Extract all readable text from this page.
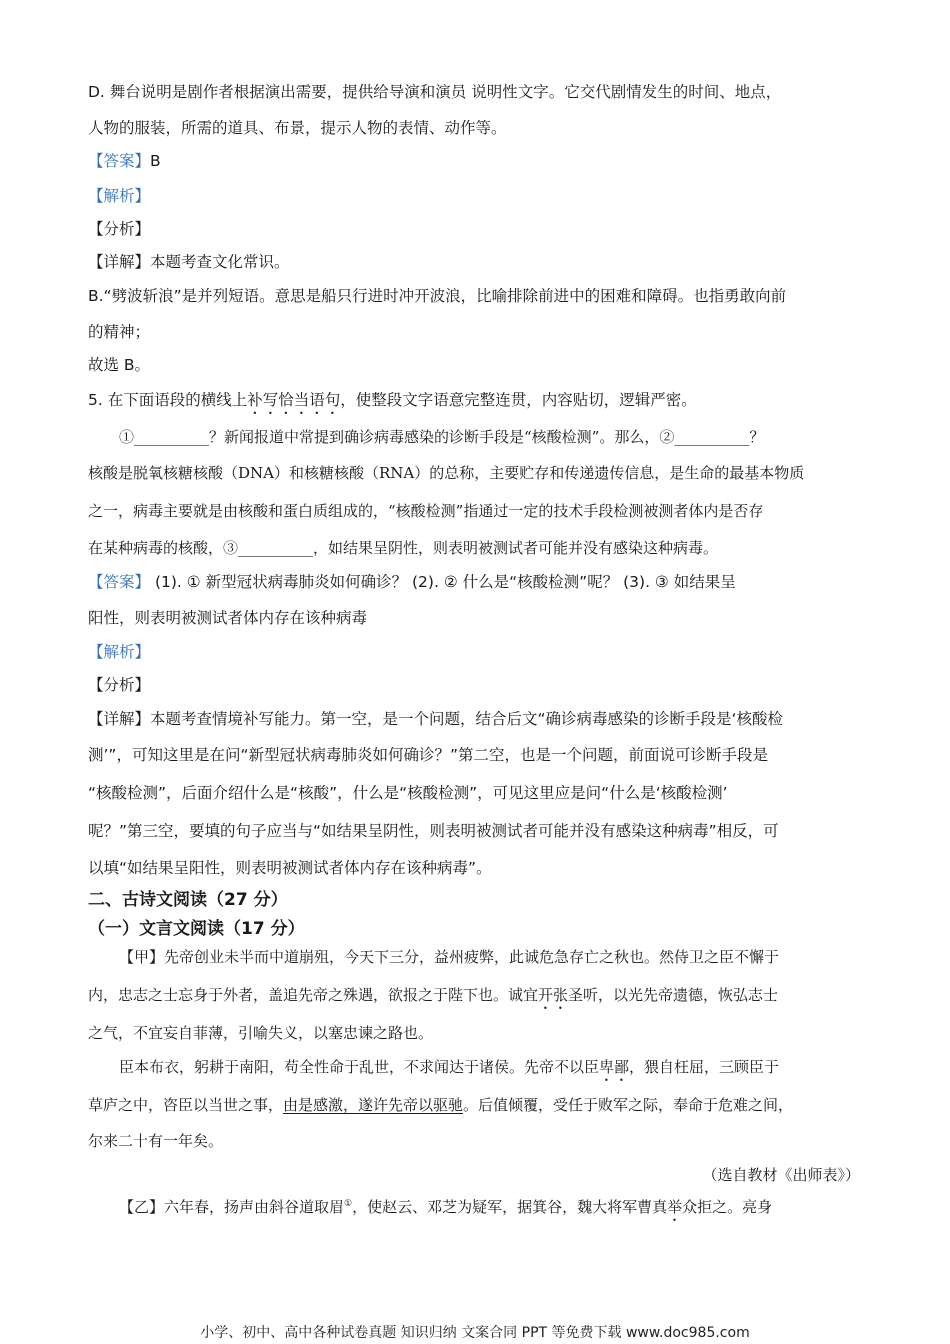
D. 舞台说明是剧作者根据演出需要，提供给导演和演员 说明性文字。它交代剧情发生的时间、地点，
人物的服装，所需的道具、布景，提示人物的表情、动作等。
【答案】B
【解析】
【分析】
【详解】本题考查文化常识。
B.“劈波斩浪”是并列短语。意思是船只行进时冲开波浪，比喻排除前进中的困难和障碍。也指勇敢向前
的精神；
故选 B。
5. 在下面语段的横线上补写恰当语句，使整段文字语意完整连贯，内容贴切，逻辑严密。
①__________？新闻报道中常提到确诊病毒感染的诊断手段是“核酸检测”。那么，②__________？
核酸是脱氧核糖核酸（DNA）和核糖核酸（RNA）的总称，主要贮存和传递遗传信息，是生命的最基本物质
之一，病毒主要就是由核酸和蛋白质组成的，“核酸检测”指通过一定的技术手段检测被测者体内是否存
在某种病毒的核酸，③__________，如结果呈阴性，则表明被测试者可能并没有感染这种病毒。
【答案】 (1). ① 新型冠状病毒肺炎如何确诊？ (2). ② 什么是“核酸检测”呢？ (3). ③ 如结果呈
阳性，则表明被测试者体内存在该种病毒
【解析】
【分析】
【详解】本题考查情境补写能力。第一空，是一个问题，结合后文“确诊病毒感染的诊断手段是‘核酸检
测’”，可知这里是在问“新型冠状病毒肺炎如何确诊？”第二空，也是一个问题，前面说可诊断手段是
“核酸检测”，后面介绍什么是“核酸”，什么是“核酸检测”，可见这里应是问“什么是‘核酸检测’
呢？”第三空，要填的句子应当与“如结果呈阴性，则表明被测试者可能并没有感染这种病毒”相反，可
以填“如结果呈阳性，则表明被测试者体内存在该种病毒”。
二、古诗文阅读（27 分）
（一）文言文阅读（17 分）
【甲】先帝创业未半而中道崩殂，今天下三分，益州疲弊，此诚危急存亡之秋也。然侍卫之臣不懈于
内，忠志之士忘身于外者，盖追先帝之殊遇，欲报之于陛下也。诚宜开张圣听，以光先帝遗德，恢弘志士
之气，不宜妄自菲薄，引喻失义，以塞忠谏之路也。
臣本布衣，躬耕于南阳，苟全性命于乱世，不求闻达于诸侯。先帝不以臣卑鄙，猥自枉屈，三顾臣于
草庐之中，咨臣以当世之事，由是感激，遂许先帝以驱驰。后值倾覆，受任于败军之际，奉命于危难之间，
尔来二十有一年矣。
（选自教材《出师表》）
【乙】六年春，扬声由斜谷道取眉①，使赵云、邓芝为疑军，据箕谷，魏大将军曹真举众拒之。亮身
小学、初中、高中各种试卷真题 知识归纳 文案合同 PPT 等免费下载 www.doc985.com
